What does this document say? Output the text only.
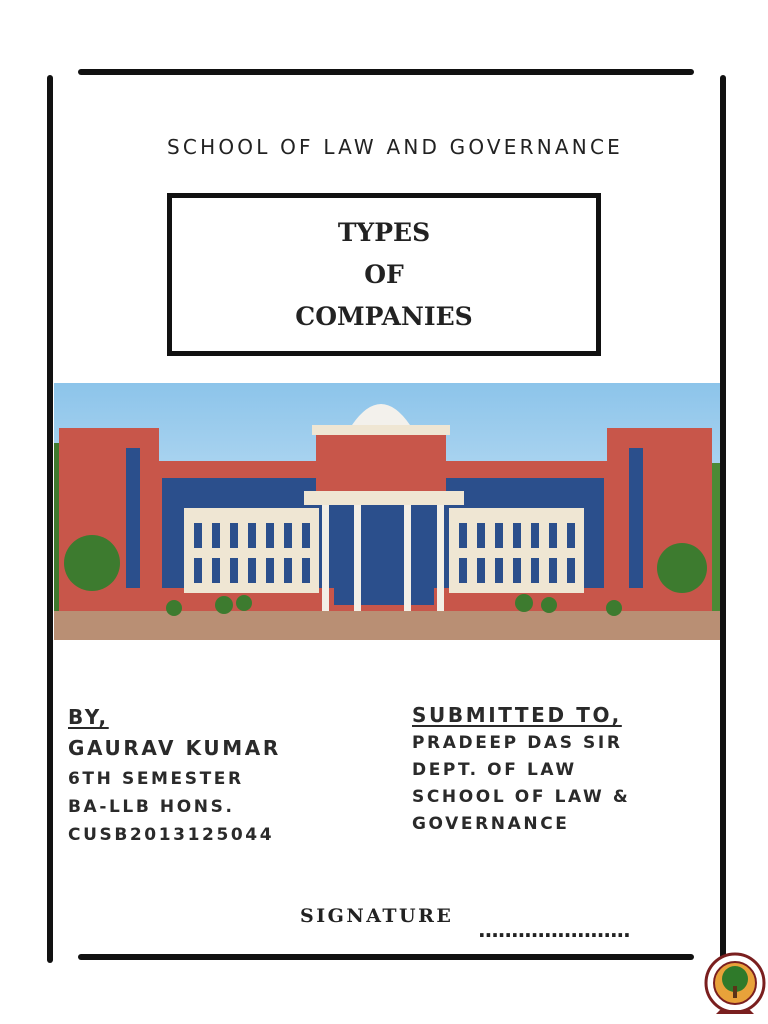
SCHOOL OF LAW AND GOVERNANCE
TYPES
OF
COMPANIES
BY,
GAURAV KUMAR
6TH SEMESTER
BA-LLB HONS.
CUSB2013125044
SUBMITTED TO,
PRADEEP DAS SIR
DEPT. OF LAW
SCHOOL OF LAW &
GOVERNANCE
SIGNATURE
.......................
